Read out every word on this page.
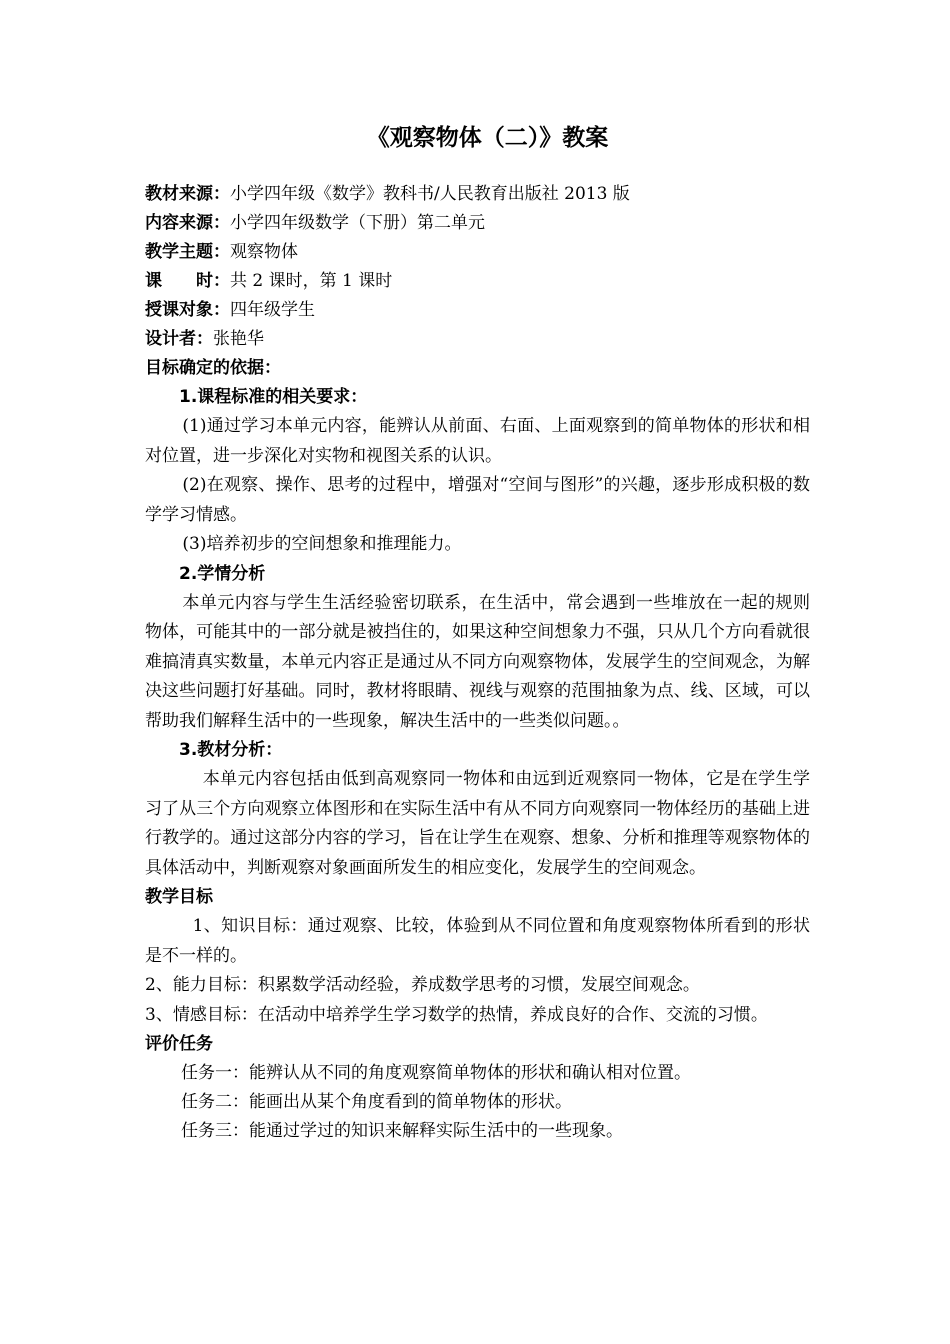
《观察物体（二）》教案
教材来源：小学四年级《数学》教科书/人民教育出版社 2013 版
内容来源：小学四年级数学（下册）第二单元
教学主题：观察物体
课　　时：共 2 课时，第 1 课时
授课对象：四年级学生
设计者：张艳华
目标确定的依据：
1.课程标准的相关要求：
(1)通过学习本单元内容，能辨认从前面、右面、上面观察到的简单物体的形状和相对位置，进一步深化对实物和视图关系的认识。
(2)在观察、操作、思考的过程中，增强对“空间与图形”的兴趣，逐步形成积极的数学学习情感。
(3)培养初步的空间想象和推理能力。
2.学情分析
本单元内容与学生生活经验密切联系，在生活中，常会遇到一些堆放在一起的规则物体，可能其中的一部分就是被挡住的，如果这种空间想象力不强，只从几个方向看就很难搞清真实数量，本单元内容正是通过从不同方向观察物体，发展学生的空间观念，为解决这些问题打好基础。同时，教材将眼睛、视线与观察的范围抽象为点、线、区域，可以帮助我们解释生活中的一些现象，解决生活中的一些类似问题。。
3.教材分析：
本单元内容包括由低到高观察同一物体和由远到近观察同一物体，它是在学生学习了从三个方向观察立体图形和在实际生活中有从不同方向观察同一物体经历的基础上进行教学的。通过这部分内容的学习，旨在让学生在观察、想象、分析和推理等观察物体的具体活动中，判断观察对象画面所发生的相应变化，发展学生的空间观念。
教学目标
1、知识目标：通过观察、比较，体验到从不同位置和角度观察物体所看到的形状是不一样的。
2、能力目标：积累数学活动经验，养成数学思考的习惯，发展空间观念。
3、情感目标：在活动中培养学生学习数学的热情，养成良好的合作、交流的习惯。
评价任务
任务一：能辨认从不同的角度观察简单物体的形状和确认相对位置。
任务二：能画出从某个角度看到的简单物体的形状。
任务三：能通过学过的知识来解释实际生活中的一些现象。
